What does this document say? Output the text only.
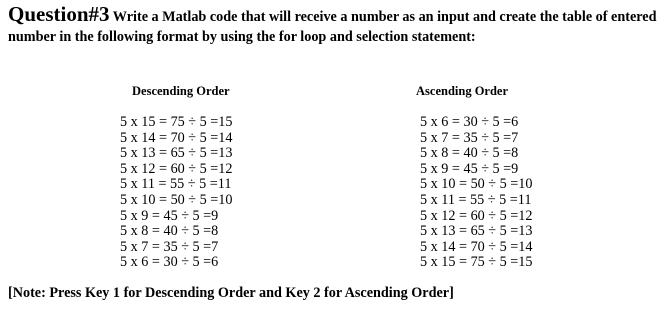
Question#3 Write a Matlab code that will receive a number as an input and create the table of entered number in the following format by using the for loop and selection statement:
Descending Order	Ascending Order
5 x 15 = 75 ÷ 5 =15
5 x 14 = 70 ÷ 5 =14
5 x 13 = 65 ÷ 5 =13
5 x 12 = 60 ÷ 5 =12
5 x 11 = 55 ÷ 5 =11
5 x 10 = 50 ÷ 5 =10
5 x 9 = 45 ÷ 5 =9
5 x 8 = 40 ÷ 5 =8
5 x 7 = 35 ÷ 5 =7
5 x 6 = 30 ÷ 5 =6
5 x 6 = 30 ÷ 5 =6
5 x 7 = 35 ÷ 5 =7
5 x 8 = 40 ÷ 5 =8
5 x 9 = 45 ÷ 5 =9
5 x 10 = 50 ÷ 5 =10
5 x 11 = 55 ÷ 5 =11
5 x 12 = 60 ÷ 5 =12
5 x 13 = 65 ÷ 5 =13
5 x 14 = 70 ÷ 5 =14
5 x 15 = 75 ÷ 5 =15
[Note: Press Key 1 for Descending Order and Key 2 for Ascending Order]
